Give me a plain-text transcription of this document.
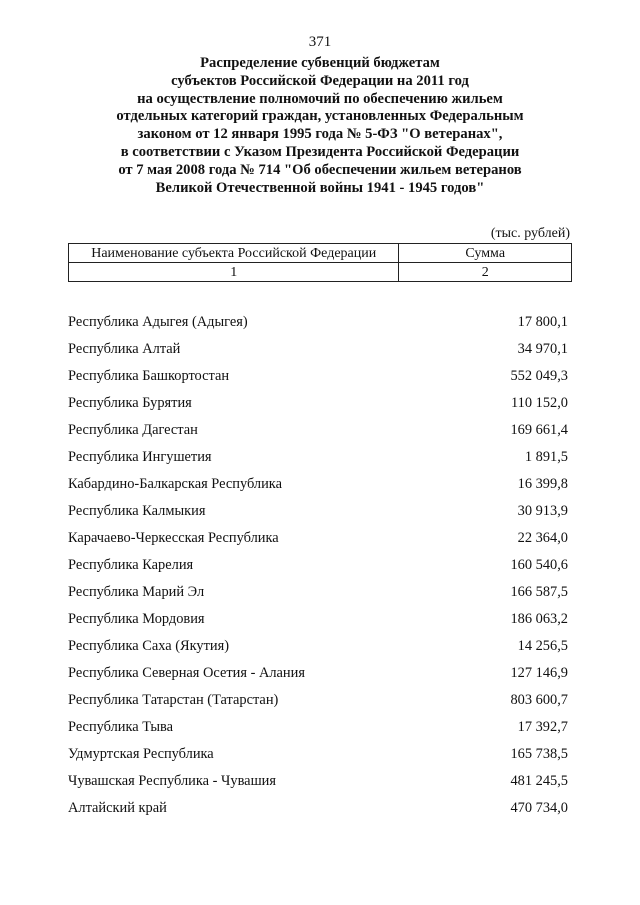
371
Распределение субвенций бюджетам
субъектов Российской Федерации на 2011 год
на осуществление полномочий по обеспечению жильем
отдельных категорий граждан, установленных Федеральным
законом от 12 января 1995 года № 5-ФЗ "О ветеранах",
в соответствии с Указом Президента Российской Федерации
от 7 мая 2008 года № 714 "Об обеспечении жильем ветеранов
Великой Отечественной войны 1941 - 1945 годов"
(тыс. рублей)
Наименование субъекта Российской Федерации	Сумма
1	2
Республика Адыгея (Адыгея)	17 800,1
Республика Алтай	34 970,1
Республика Башкортостан	552 049,3
Республика Бурятия	110 152,0
Республика Дагестан	169 661,4
Республика Ингушетия	1 891,5
Кабардино-Балкарская Республика	16 399,8
Республика Калмыкия	30 913,9
Карачаево-Черкесская Республика	22 364,0
Республика Карелия	160 540,6
Республика Марий Эл	166 587,5
Республика Мордовия	186 063,2
Республика Саха (Якутия)	14 256,5
Республика Северная Осетия - Алания	127 146,9
Республика Татарстан (Татарстан)	803 600,7
Республика Тыва	17 392,7
Удмуртская Республика	165 738,5
Чувашская Республика - Чувашия	481 245,5
Алтайский край	470 734,0
